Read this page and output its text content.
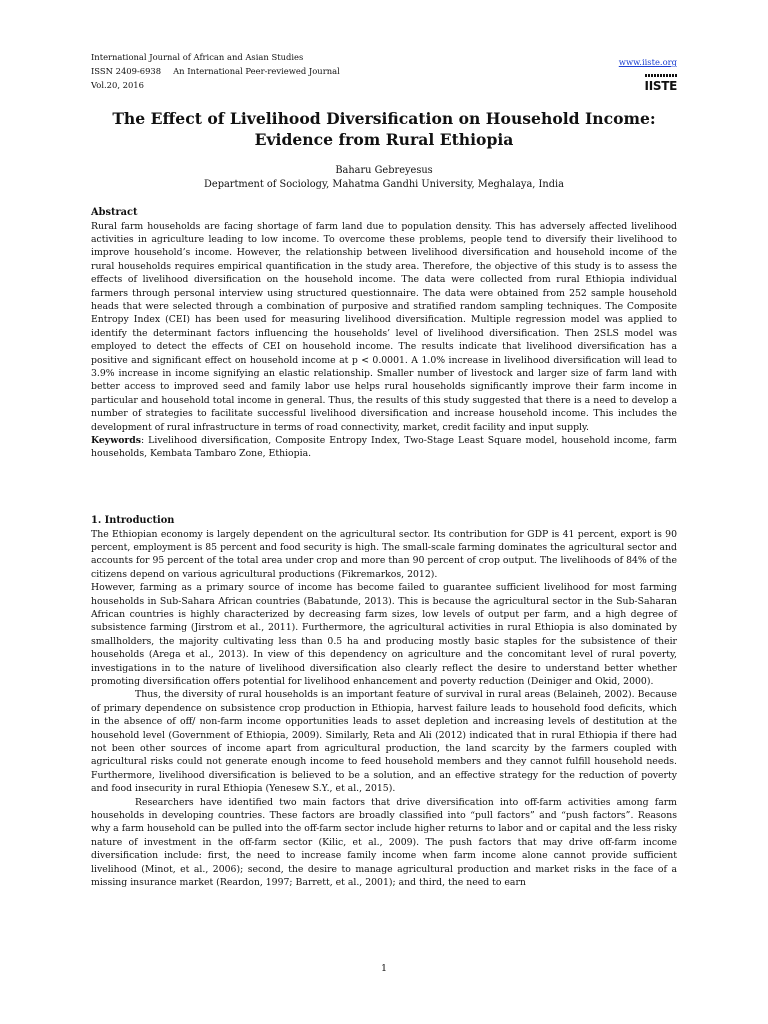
International Journal of African and Asian Studies
ISSN 2409-6938 An International Peer-reviewed Journal
Vol.20, 2016
www.iiste.org
IISTE
The Effect of Livelihood Diversification on Household Income:
Evidence from Rural Ethiopia
Baharu Gebreyesus
Department of Sociology, Mahatma Gandhi University, Meghalaya, India
Abstract

Rural farm households are facing shortage of farm land due to population density. This has adversely affected livelihood activities in agriculture leading to low income. To overcome these problems, people tend to diversify their livelihood to improve household’s income. However, the relationship between livelihood diversification and household income of the rural households requires empirical quantification in the study area. Therefore, the objective of this study is to assess the effects of livelihood diversification on the household income. The data were collected from rural Ethiopia individual farmers through personal interview using structured questionnaire. The data were obtained from 252 sample household heads that were selected through a combination of purposive and stratified random sampling techniques. The Composite Entropy Index (CEI) has been used for measuring livelihood diversification. Multiple regression model was applied to identify the determinant factors influencing the households’ level of livelihood diversification. Then 2SLS model was employed to detect the effects of CEI on household income. The results indicate that livelihood diversification has a positive and significant effect on household income at p < 0.0001. A 1.0% increase in livelihood diversification will lead to 3.9% increase in income signifying an elastic relationship. Smaller number of livestock and larger size of farm land with better access to improved seed and family labor use helps rural households significantly improve their farm income in particular and household total income in general. Thus, the results of this study suggested that there is a need to develop a number of strategies to facilitate successful livelihood diversification and increase household income. This includes the development of rural infrastructure in terms of road connectivity, market, credit facility and input supply.

Keywords: Livelihood diversification, Composite Entropy Index, Two-Stage Least Square model, household income, farm households, Kembata Tambaro Zone, Ethiopia.

1. Introduction

The Ethiopian economy is largely dependent on the agricultural sector. Its contribution for GDP is 41 percent, export is 90 percent, employment is 85 percent and food security is high. The small-scale farming dominates the agricultural sector and accounts for 95 percent of the total area under crop and more than 90 percent of crop output. The livelihoods of 84% of the citizens depend on various agricultural productions (Fikremarkos, 2012).

However, farming as a primary source of income has become failed to guarantee sufficient livelihood for most farming households in Sub-Sahara African countries (Babatunde, 2013). This is because the agricultural sector in the Sub-Saharan African countries is highly characterized by decreasing farm sizes, low levels of output per farm, and a high degree of subsistence farming (Jirstrom et al., 2011). Furthermore, the agricultural activities in rural Ethiopia is also dominated by smallholders, the majority cultivating less than 0.5 ha and producing mostly basic staples for the subsistence of their households (Arega et al., 2013). In view of this dependency on agriculture and the concomitant level of rural poverty, investigations in to the nature of livelihood diversification also clearly reflect the desire to understand better whether promoting diversification offers potential for livelihood enhancement and poverty reduction (Deiniger and Okid, 2000).

Thus, the diversity of rural households is an important feature of survival in rural areas (Belaineh, 2002). Because of primary dependence on subsistence crop production in Ethiopia, harvest failure leads to household food deficits, which in the absence of off/ non-farm income opportunities leads to asset depletion and increasing levels of destitution at the household level (Government of Ethiopia, 2009). Similarly, Reta and Ali (2012) indicated that in rural Ethiopia if there had not been other sources of income apart from agricultural production, the land scarcity by the farmers coupled with agricultural risks could not generate enough income to feed household members and they cannot fulfill household needs. Furthermore, livelihood diversification is believed to be a solution, and an effective strategy for the reduction of poverty and food insecurity in rural Ethiopia (Yenesew S.Y., et al., 2015).

Researchers have identified two main factors that drive diversification into off-farm activities among farm households in developing countries. These factors are broadly classified into “pull factors” and “push factors”. Reasons why a farm household can be pulled into the off-farm sector include higher returns to labor and or capital and the less risky nature of investment in the off-farm sector (Kilic, et al., 2009). The push factors that may drive off-farm income diversification include: first, the need to increase family income when farm income alone cannot provide sufficient livelihood (Minot, et al., 2006); second, the desire to manage agricultural production and market risks in the face of a missing insurance market (Reardon, 1997; Barrett, et al., 2001); and third, the need to earn

1
